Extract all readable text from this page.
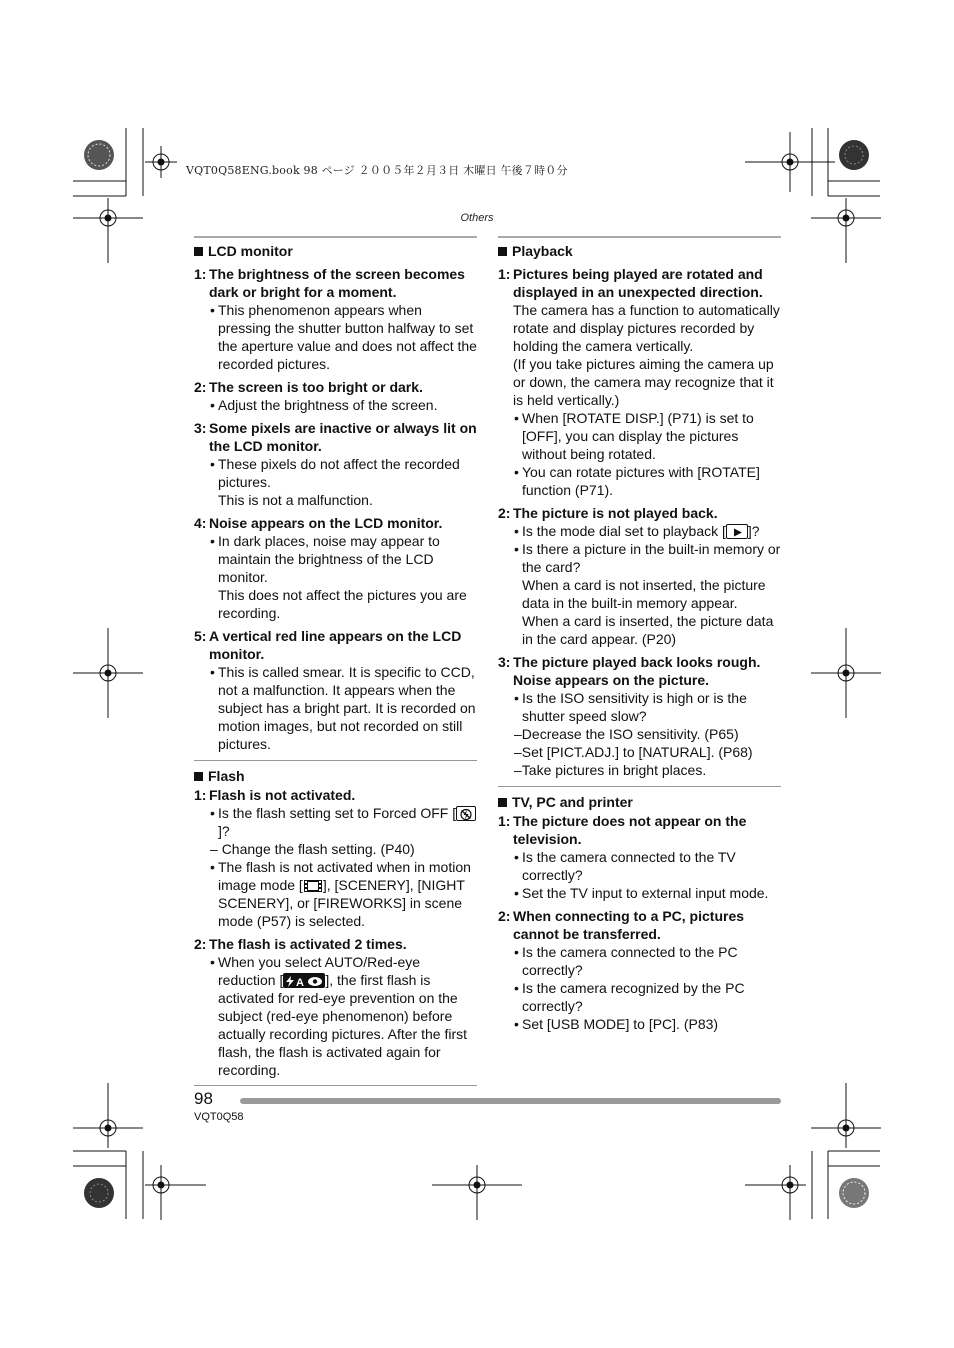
VQT0Q58ENG.book 98 ページ ２００５年２月３日 木曜日 午後７時０分
Others
LCD monitor
1: The brightness of the screen becomes dark or bright for a moment.
• This phenomenon appears when pressing the shutter button halfway to set the aperture value and does not affect the recorded pictures.
2: The screen is too bright or dark.
• Adjust the brightness of the screen.
3: Some pixels are inactive or always lit on the LCD monitor.
• These pixels do not affect the recorded pictures.
This is not a malfunction.
4: Noise appears on the LCD monitor.
• In dark places, noise may appear to maintain the brightness of the LCD monitor.
This does not affect the pictures you are recording.
5: A vertical red line appears on the LCD monitor.
• This is called smear. It is specific to CCD, not a malfunction. It appears when the subject has a bright part. It is recorded on motion images, but not recorded on still pictures.
Flash
1: Flash is not activated.
• Is the flash setting set to Forced OFF []?
– Change the flash setting. (P40)
• The flash is not activated when in motion image mode [ ], [SCENERY], [NIGHT SCENERY], or [FIREWORKS] in scene mode (P57) is selected.
2: The flash is activated 2 times.
• When you select AUTO/Red-eye reduction [ A ], the first flash is activated for red-eye prevention on the subject (red-eye phenomenon) before actually recording pictures. After the first flash, the flash is activated again for recording.
Playback
1: Pictures being played are rotated and displayed in an unexpected direction.
The camera has a function to automatically rotate and display pictures recorded by holding the camera vertically.
(If you take pictures aiming the camera up or down, the camera may recognize that it is held vertically.)
• When [ROTATE DISP.] (P71) is set to [OFF], you can display the pictures without being rotated.
• You can rotate pictures with [ROTATE] function (P71).
2: The picture is not played back.
• Is the mode dial set to playback [ ]?
• Is there a picture in the built-in memory or the card?
When a card is not inserted, the picture data in the built-in memory appear.
When a card is inserted, the picture data in the card appear. (P20)
3: The picture played back looks rough. Noise appears on the picture.
• Is the ISO sensitivity is high or is the shutter speed slow?
–Decrease the ISO sensitivity. (P65)
–Set [PICT.ADJ.] to [NATURAL]. (P68)
–Take pictures in bright places.
TV, PC and printer
1: The picture does not appear on the television.
• Is the camera connected to the TV correctly?
• Set the TV input to external input mode.
2: When connecting to a PC, pictures cannot be transferred.
• Is the camera connected to the PC correctly?
• Is the camera recognized by the PC correctly?
• Set [USB MODE] to [PC]. (P83)
98
VQT0Q58
